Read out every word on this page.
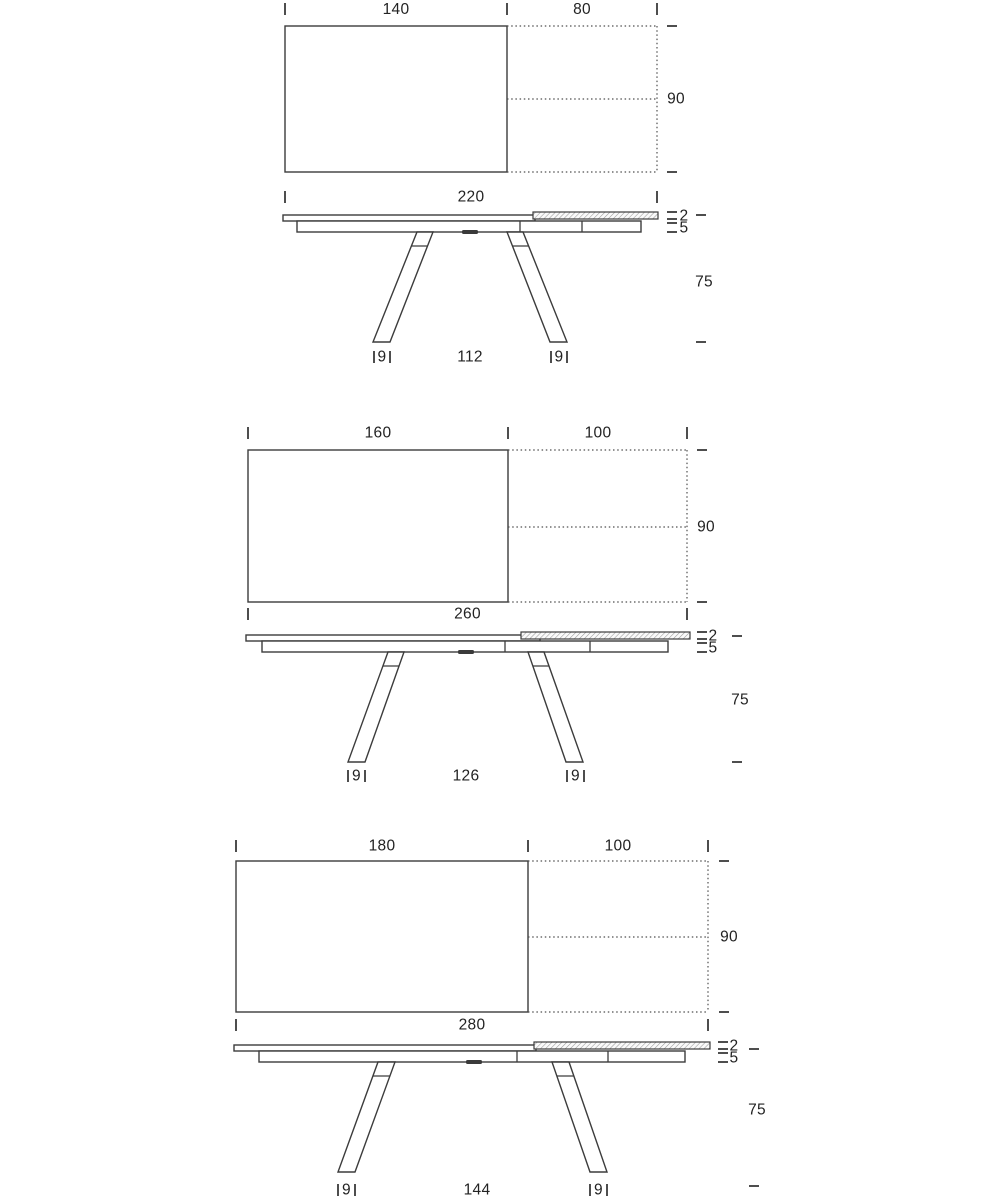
140	80
90
220
2
5
75
9	112	9
160	100
90
260
2
5
75
9	126	9
180	100
90
280
2
5
75
9	144	9
